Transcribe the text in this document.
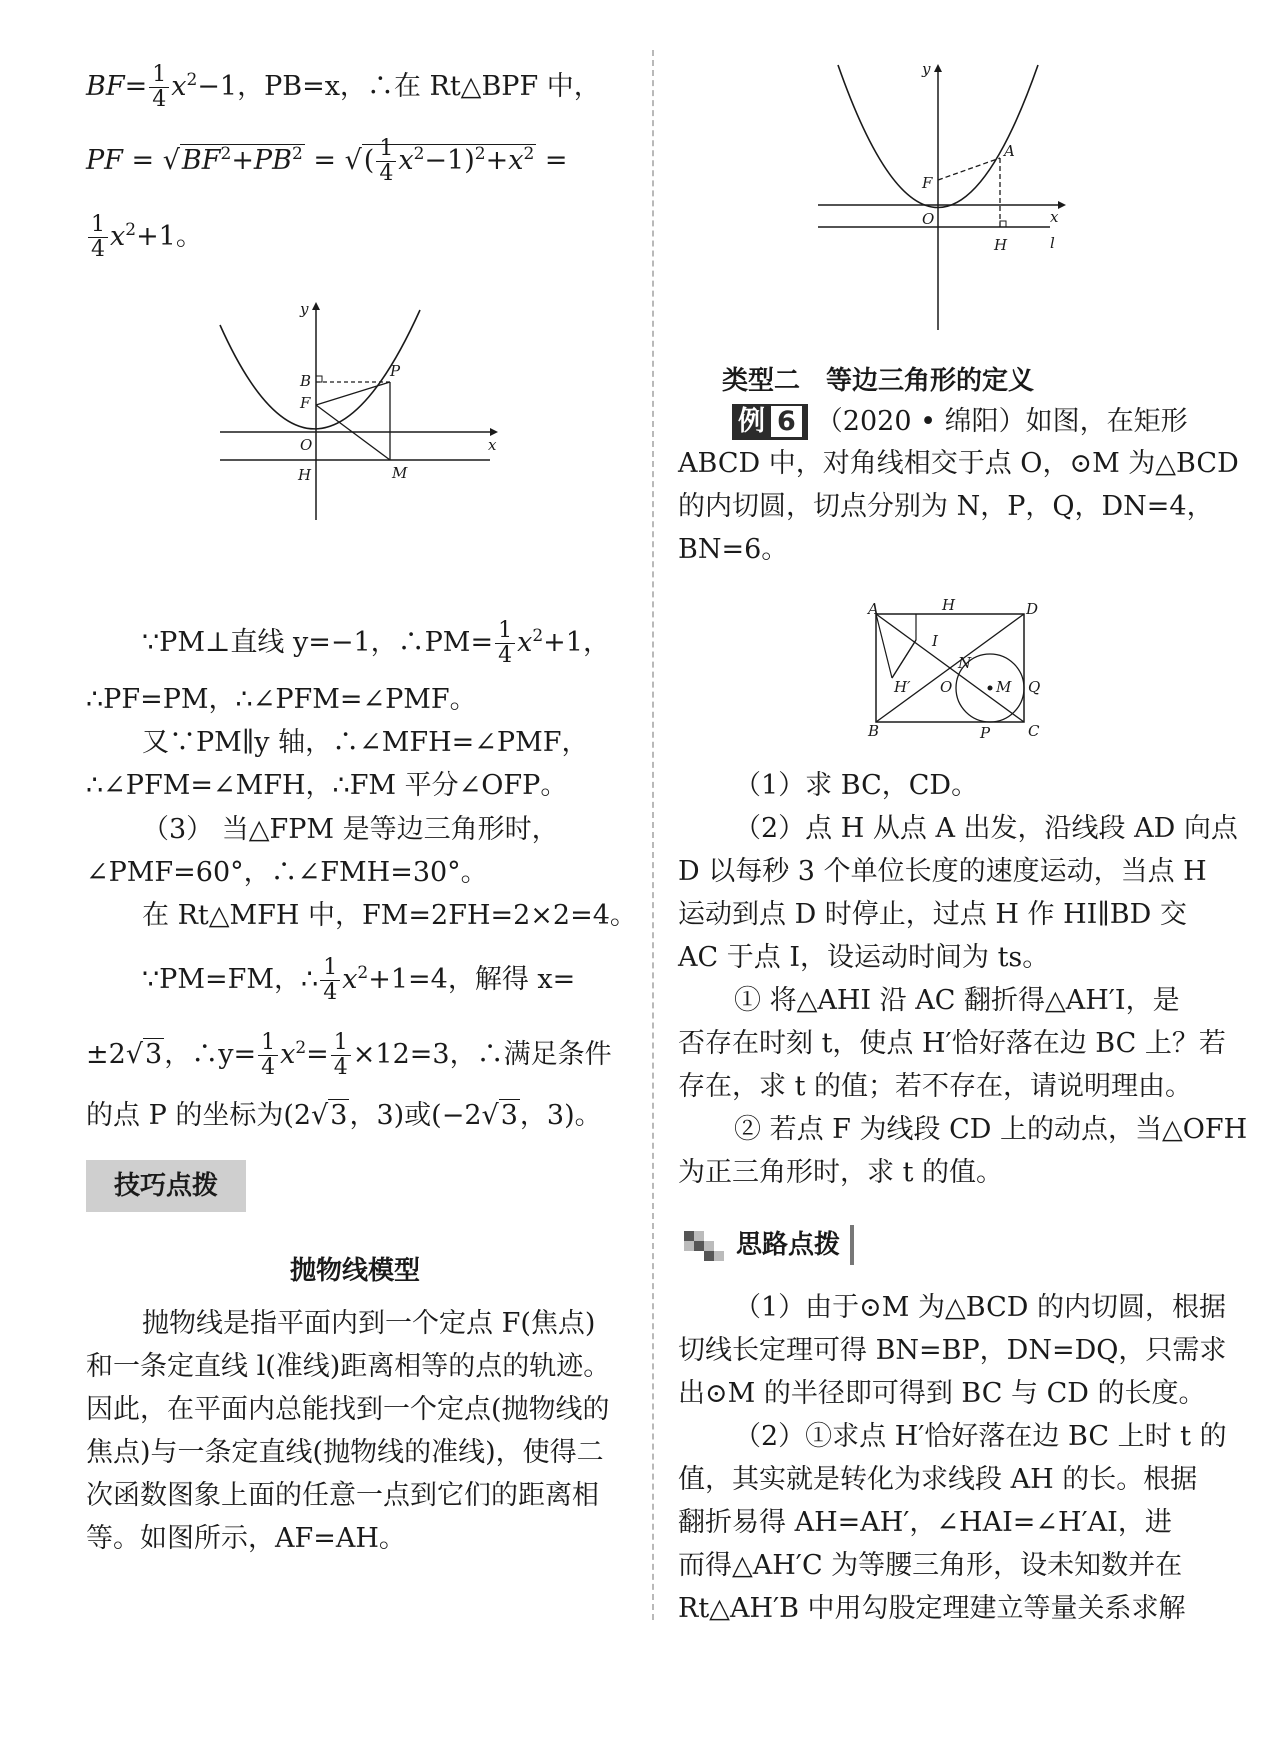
$BF= \frac{1}{4} x^2-1$，PB=x，∴在 Rt△BPF 中，
PF = $√BF^2+PB^2$ = √( $\frac{1}{4} x^2-1)^2+x^2$ =
$\frac{1}{4} x^2+1$。
y
x
O
B
F
P
H	M
∵PM⊥直线 y=−1，∴PM= $\frac{1}{4} x^2+1$，
∴PF=PM，∴∠PFM=∠PMF。
又∵PM∥y 轴，∴∠MFH=∠PMF，
∴∠PFM=∠MFH，∴FM 平分∠OFP。
（3） 当△FPM 是等边三角形时，
∠PMF=60°，∴∠FMH=30°。
在 Rt△MFH 中，FM=2FH=2×2=4。
∵PM=FM，∴ $\frac{1}{4} x^2+1=4$，解得 x=
±2√3，∴y= $\frac{1}{4} x^2= \frac{1}{4} \times 12=3$，∴满足条件
的点 P 的坐标为(2√3，3)或(−2√3，3)。
技巧点拨
抛物线模型
抛物线是指平面内到一个定点 F(焦点)
和一条定直线 l(准线)距离相等的点的轨迹。
因此，在平面内总能找到一个定点(抛物线的
焦点)与一条定直线(抛物线的准线)，使得二
次函数图象上面的任意一点到它们的距离相
等。如图所示，AF=AH。
y
x
O
F
A
H	l
类型二　等边三角形的定义
例 6 （2020 • 绵阳）如图，在矩形
ABCD 中，对角线相交于点 O，⊙M 为△BCD
的内切圆，切点分别为 N，P，Q，DN=4，
BN=6。
A	H	D
I
N
H′ O	M Q
B	P	C
（1）求 BC，CD。
（2）点 H 从点 A 出发，沿线段 AD 向点
D 以每秒 3 个单位长度的速度运动，当点 H
运动到点 D 时停止，过点 H 作 HI∥BD 交
AC 于点 I，设运动时间为 ts。
① 将△AHI 沿 AC 翻折得△AH′I，是
否存在时刻 t，使点 H′恰好落在边 BC 上？若
存在，求 t 的值；若不存在，请说明理由。
② 若点 F 为线段 CD 上的动点，当△OFH
为正三角形时，求 t 的值。
思路点拨
（1）由于⊙M 为△BCD 的内切圆，根据
切线长定理可得 BN=BP，DN=DQ，只需求
出⊙M 的半径即可得到 BC 与 CD 的长度。
（2）①求点 H′恰好落在边 BC 上时 t 的
值，其实就是转化为求线段 AH 的长。根据
翻折易得 AH=AH′，∠HAI=∠H′AI，进
而得△AH′C 为等腰三角形，设未知数并在
Rt△AH′B 中用勾股定理建立等量关系求解
